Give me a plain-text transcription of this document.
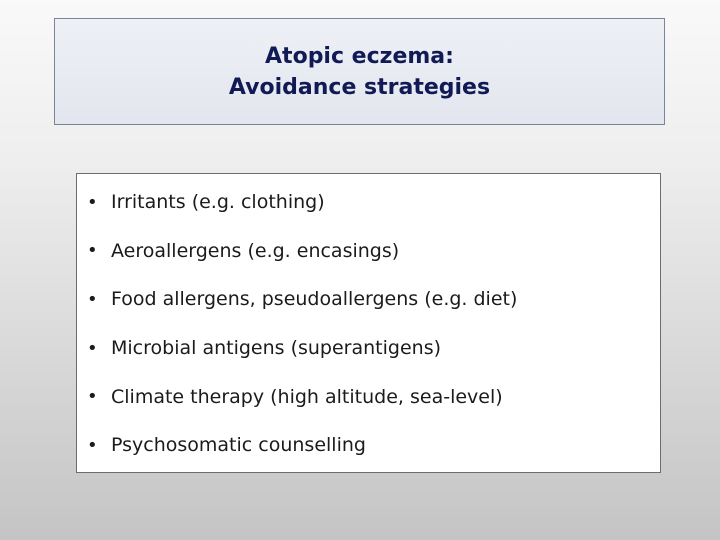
Atopic eczema:
Avoidance strategies
• Irritants (e.g. clothing)
• Aeroallergens (e.g. encasings)
• Food allergens, pseudoallergens (e.g. diet)
• Microbial antigens (superantigens)
• Climate therapy (high altitude, sea-level)
• Psychosomatic counselling
